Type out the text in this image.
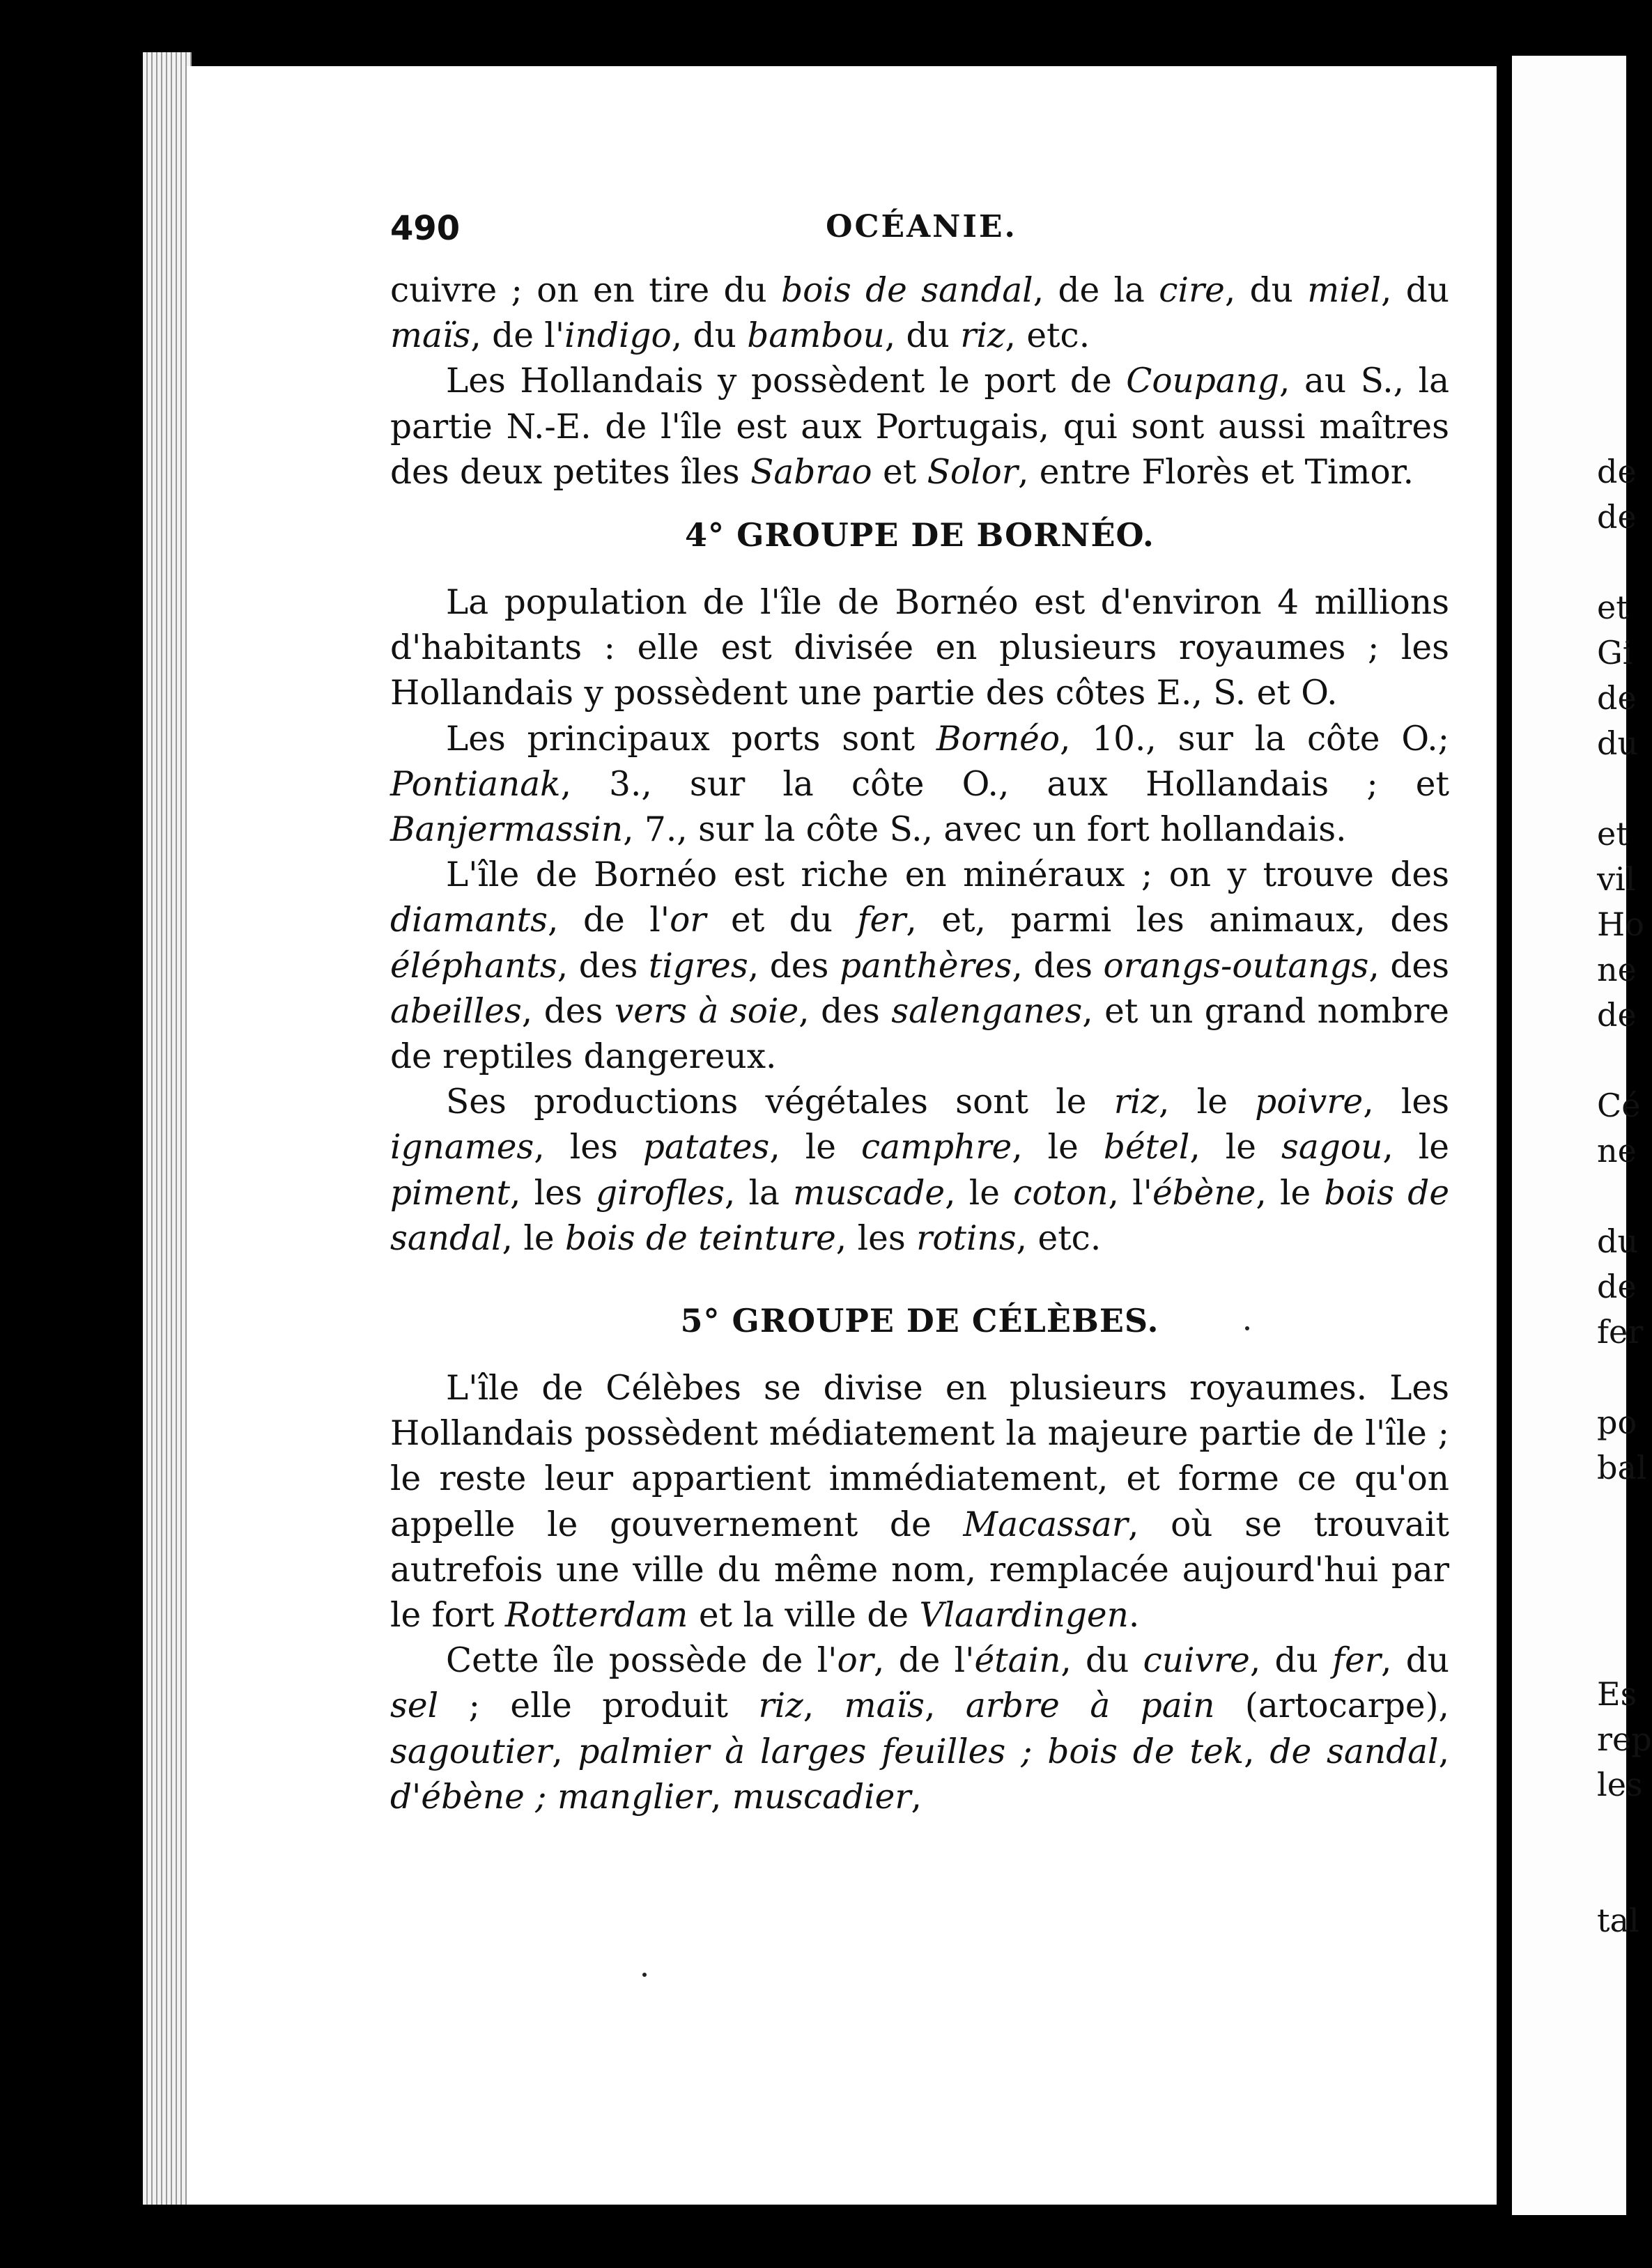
490	OCÉANIE.

cuivre ; on en tire du bois de sandal, de la cire, du miel, du maïs, de l'indigo, du bambou, du riz, etc.

Les Hollandais y possèdent le port de Coupang, au S., la partie N.-E. de l'île est aux Portugais, qui sont aussi maîtres des deux petites îles Sabrao et Solor, entre Florès et Timor.

4° GROUPE DE BORNÉO.

La population de l'île de Bornéo est d'environ 4 millions d'habitants : elle est divisée en plusieurs royaumes ; les Hollandais y possèdent une partie des côtes E., S. et O.

Les principaux ports sont Bornéo, 10., sur la côte O.; Pontianak, 3., sur la côte O., aux Hollandais ; et Banjermassin, 7., sur la côte S., avec un fort hollandais.

L'île de Bornéo est riche en minéraux ; on y trouve des diamants, de l'or et du fer, et, parmi les animaux, des éléphants, des tigres, des panthères, des orangs-outangs, des abeilles, des vers à soie, des salenganes, et un grand nombre de reptiles dangereux.

Ses productions végétales sont le riz, le poivre, les ignames, les patates, le camphre, le bétel, le sagou, le piment, les girofles, la muscade, le coton, l'ébène, le bois de sandal, le bois de teinture, les rotins, etc.

5° GROUPE DE CÉLÈBES.

L'île de Célèbes se divise en plusieurs royaumes. Les Hollandais possèdent médiatement la majeure partie de l'île ; le reste leur appartient immédiatement, et forme ce qu'on appelle le gouvernement de Macassar, où se trouvait autrefois une ville du même nom, remplacée aujourd'hui par le fort Rotterdam et la ville de Vlaardingen.

Cette île possède de l'or, de l'étain, du cuivre, du fer, du sel ; elle produit riz, maïs, arbre à pain (artocarpe), sagoutier, palmier à larges feuilles ; bois de tek, de sandal, d'ébène ; manglier, muscadier,

de

de

et

Gi

de

du

et

vil

Ho

ne

de

Cé

ne

du

de

fer

po

bal

Es

rep

les

tal
